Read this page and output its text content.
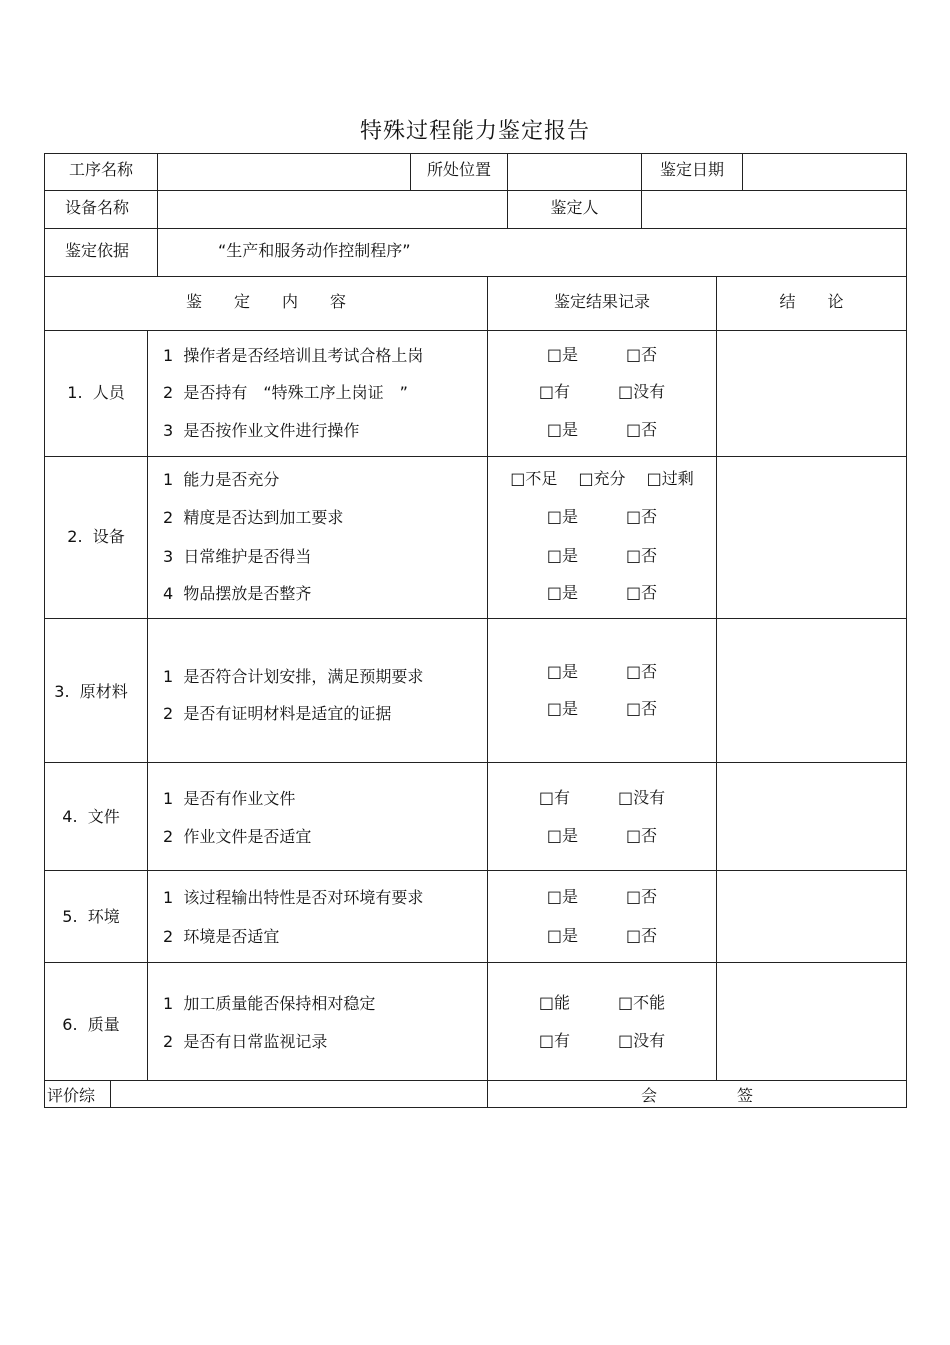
特殊过程能力鉴定报告
工序名称	所处位置	鉴定日期
设备名称	鉴定人
鉴定依据	“生产和服务动作控制程序”
鉴　　定　　内　　容	鉴定结果记录	结　　论
1.  人员
1  操作者是否经培训且考试合格上岗	□是　　　□否
2  是否持有　“特殊工序上岗证　”	□有　　　□没有
3  是否按作业文件进行操作	□是　　　□否
2.  设备
1  能力是否充分	□不足　 □充分　 □过剩
2  精度是否达到加工要求	□是　　　□否
3  日常维护是否得当	□是　　　□否
4  物品摆放是否整齐	□是　　　□否
3.  原材料
1  是否符合计划安排，满足预期要求	□是　　　□否
2  是否有证明材料是适宜的证据	□是　　　□否
4.  文件
1  是否有作业文件	□有　　　□没有
2  作业文件是否适宜	□是　　　□否
5.  环境
1  该过程输出特性是否对环境有要求	□是　　　□否
2  环境是否适宜	□是　　　□否
6.  质量
1  加工质量能否保持相对稳定	□能　　　□不能
2  是否有日常监视记录	□有　　　□没有
评价综	会　　　　　签
